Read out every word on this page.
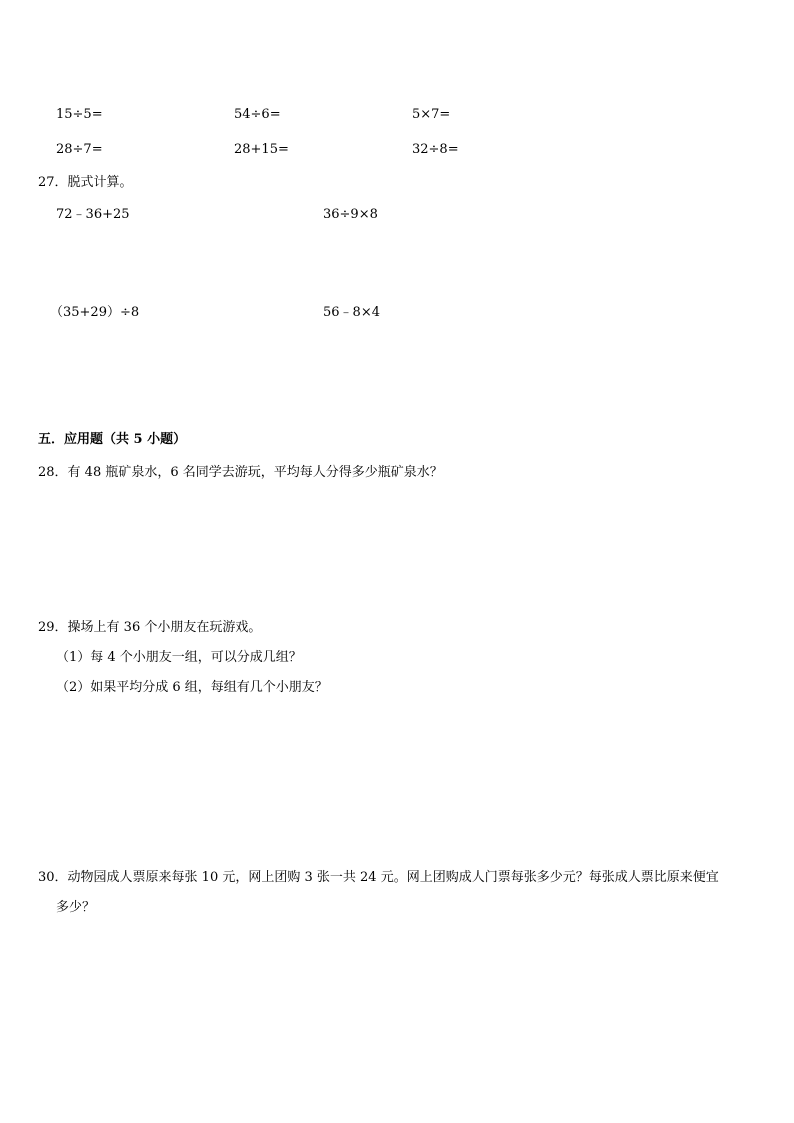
15÷5=	54÷6=	5×7=
28÷7=	28+15=	32÷8=
27．脱式计算。
72﹣36+25	36÷9×8
（35+29）÷8	56﹣8×4
五．应用题（共 5 小题）
28．有 48 瓶矿泉水，6 名同学去游玩，平均每人分得多少瓶矿泉水？
29．操场上有 36 个小朋友在玩游戏。
（1）每 4 个小朋友一组，可以分成几组？
（2）如果平均分成 6 组，每组有几个小朋友？
30．动物园成人票原来每张 10 元，网上团购 3 张一共 24 元。网上团购成人门票每张多少元？每张成人票比原来便宜
多少？
